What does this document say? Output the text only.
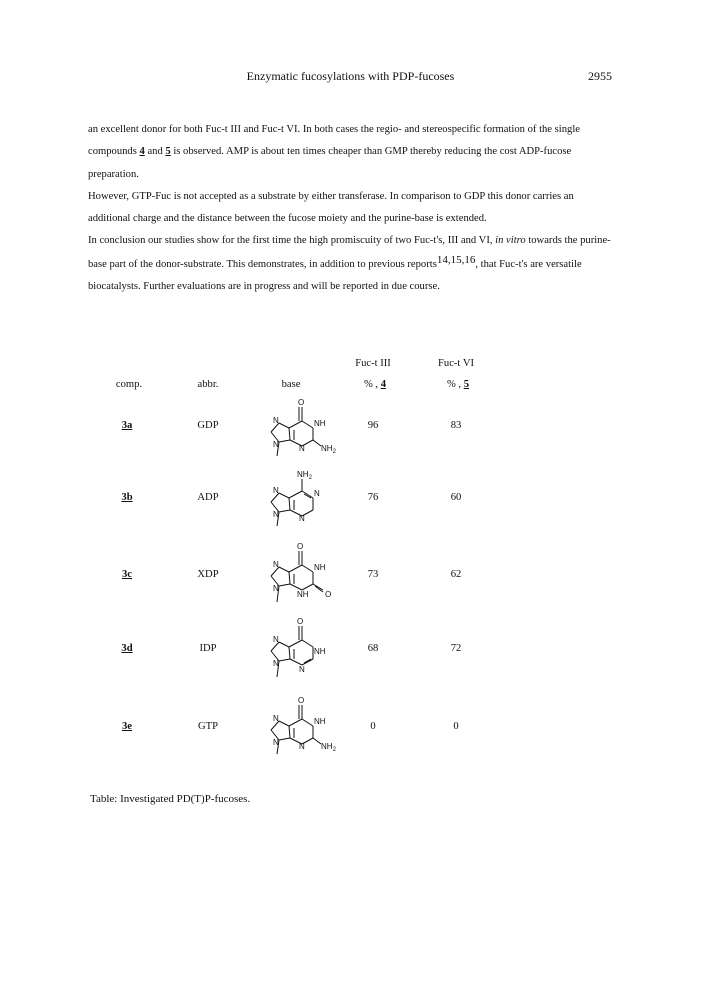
Enzymatic fucosylations with PDP-fucoses	2955

an excellent donor for both Fuc-t III and Fuc-t VI. In both cases the regio- and stereospecific formation of the single compounds 4 and 5 is observed. AMP is about ten times cheaper than GMP thereby reducing the cost ADP-fucose preparation.

However, GTP-Fuc is not accepted as a substrate by either transferase. In comparison to GDP this donor carries an additional charge and the distance between the fucose moiety and the purine-base is extended.

In conclusion our studies show for the first time the high promiscuity of two Fuc-t's, III and VI, in vitro towards the purine-base part of the donor-substrate. This demonstrates, in addition to previous reports14,15,16, that Fuc-t's are versatile biocatalysts. Further evaluations are in progress and will be reported in due course.

Fuc-t III	Fuc-t VI
comp.	abbr.	base	% , 4	% , 5
3a	GDP	96	83
O
N
N	N
NH
$NH_2$
3b	ADP	76	60
$NH_2$
N
N	N
N
3c	XDP	73	62
O
N
N
NH
NH O
3d	IDP	68	72
O
N
N
N
NH
3e	GTP	0	0
O
N
N	N
NH
$NH_2$
Table: Investigated PD(T)P-fucoses.
